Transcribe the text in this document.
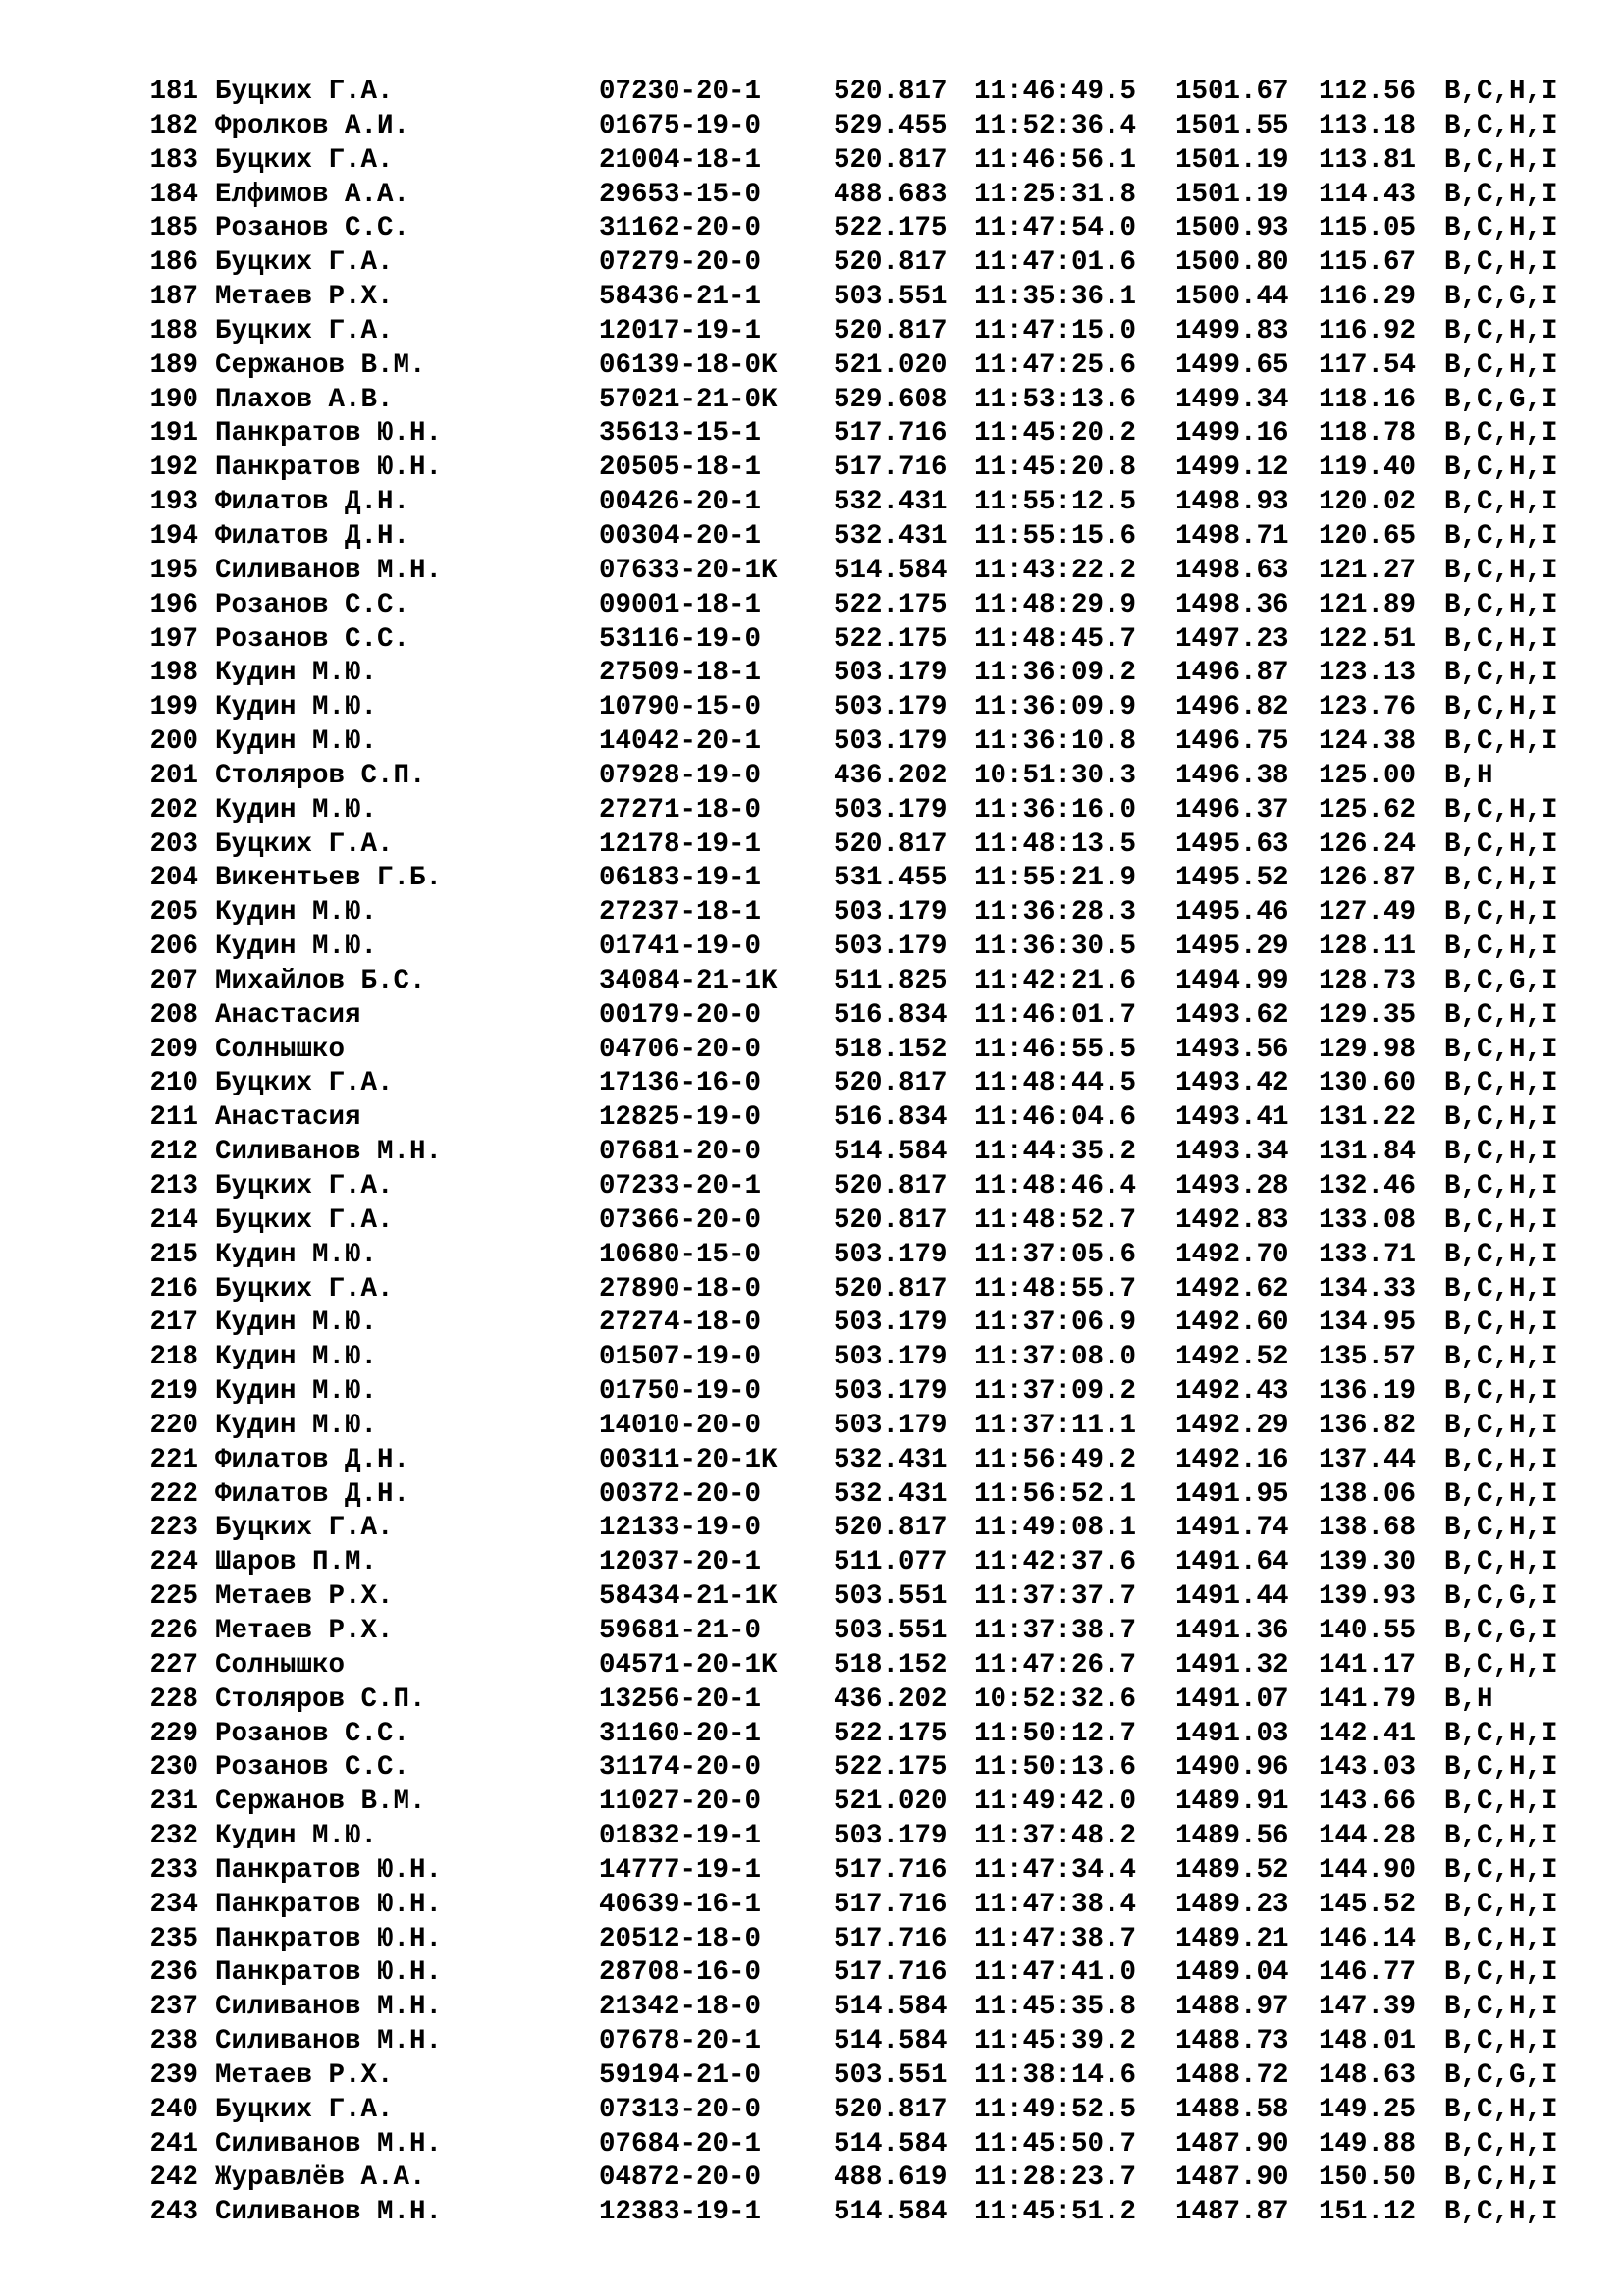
181 Буцких Г.А.	07230-20-1	520.817 11:46:49.5 1501.67 112.56 B,C,H,I
182 Фролков А.И.	01675-19-0	529.455 11:52:36.4 1501.55 113.18 B,C,H,I
183 Буцких Г.А.	21004-18-1	520.817 11:46:56.1 1501.19 113.81 B,C,H,I
184 Елфимов А.А.	29653-15-0	488.683 11:25:31.8 1501.19 114.43 B,C,H,I
185 Розанов С.С.	31162-20-0	522.175 11:47:54.0 1500.93 115.05 B,C,H,I
186 Буцких Г.А.	07279-20-0	520.817 11:47:01.6 1500.80 115.67 B,C,H,I
187 Метаев Р.Х.	58436-21-1	503.551 11:35:36.1 1500.44 116.29 B,C,G,I
188 Буцких Г.А.	12017-19-1	520.817 11:47:15.0 1499.83 116.92 B,C,H,I
189 Сержанов В.М.	06139-18-0K 521.020 11:47:25.6 1499.65 117.54 B,C,H,I
190 Плахов А.В.	57021-21-0K 529.608 11:53:13.6 1499.34 118.16 B,C,G,I
191 Панкратов Ю.Н.	35613-15-1	517.716 11:45:20.2 1499.16 118.78 B,C,H,I
192 Панкратов Ю.Н.	20505-18-1	517.716 11:45:20.8 1499.12 119.40 B,C,H,I
193 Филатов Д.Н.	00426-20-1	532.431 11:55:12.5 1498.93 120.02 B,C,H,I
194 Филатов Д.Н.	00304-20-1	532.431 11:55:15.6 1498.71 120.65 B,C,H,I
195 Силиванов М.Н.	07633-20-1K 514.584 11:43:22.2 1498.63 121.27 B,C,H,I
196 Розанов С.С.	09001-18-1	522.175 11:48:29.9 1498.36 121.89 B,C,H,I
197 Розанов С.С.	53116-19-0	522.175 11:48:45.7 1497.23 122.51 B,C,H,I
198 Кудин М.Ю.	27509-18-1	503.179 11:36:09.2 1496.87 123.13 B,C,H,I
199 Кудин М.Ю.	10790-15-0	503.179 11:36:09.9 1496.82 123.76 B,C,H,I
200 Кудин М.Ю.	14042-20-1	503.179 11:36:10.8 1496.75 124.38 B,C,H,I
201 Столяров С.П.	07928-19-0	436.202 10:51:30.3 1496.38 125.00 B,H
202 Кудин М.Ю.	27271-18-0	503.179 11:36:16.0 1496.37 125.62 B,C,H,I
203 Буцких Г.А.	12178-19-1	520.817 11:48:13.5 1495.63 126.24 B,C,H,I
204 Викентьев Г.Б.	06183-19-1	531.455 11:55:21.9 1495.52 126.87 B,C,H,I
205 Кудин М.Ю.	27237-18-1	503.179 11:36:28.3 1495.46 127.49 B,C,H,I
206 Кудин М.Ю.	01741-19-0	503.179 11:36:30.5 1495.29 128.11 B,C,H,I
207 Михайлов Б.С.	34084-21-1K 511.825 11:42:21.6 1494.99 128.73 B,C,G,I
208 Анастасия	00179-20-0	516.834 11:46:01.7 1493.62 129.35 B,C,H,I
209 Солнышко	04706-20-0	518.152 11:46:55.5 1493.56 129.98 B,C,H,I
210 Буцких Г.А.	17136-16-0	520.817 11:48:44.5 1493.42 130.60 B,C,H,I
211 Анастасия	12825-19-0	516.834 11:46:04.6 1493.41 131.22 B,C,H,I
212 Силиванов М.Н.	07681-20-0	514.584 11:44:35.2 1493.34 131.84 B,C,H,I
213 Буцких Г.А.	07233-20-1	520.817 11:48:46.4 1493.28 132.46 B,C,H,I
214 Буцких Г.А.	07366-20-0	520.817 11:48:52.7 1492.83 133.08 B,C,H,I
215 Кудин М.Ю.	10680-15-0	503.179 11:37:05.6 1492.70 133.71 B,C,H,I
216 Буцких Г.А.	27890-18-0	520.817 11:48:55.7 1492.62 134.33 B,C,H,I
217 Кудин М.Ю.	27274-18-0	503.179 11:37:06.9 1492.60 134.95 B,C,H,I
218 Кудин М.Ю.	01507-19-0	503.179 11:37:08.0 1492.52 135.57 B,C,H,I
219 Кудин М.Ю.	01750-19-0	503.179 11:37:09.2 1492.43 136.19 B,C,H,I
220 Кудин М.Ю.	14010-20-0	503.179 11:37:11.1 1492.29 136.82 B,C,H,I
221 Филатов Д.Н.	00311-20-1K 532.431 11:56:49.2 1492.16 137.44 B,C,H,I
222 Филатов Д.Н.	00372-20-0	532.431 11:56:52.1 1491.95 138.06 B,C,H,I
223 Буцких Г.А.	12133-19-0	520.817 11:49:08.1 1491.74 138.68 B,C,H,I
224 Шаров П.М.	12037-20-1	511.077 11:42:37.6 1491.64 139.30 B,C,H,I
225 Метаев Р.Х.	58434-21-1K 503.551 11:37:37.7 1491.44 139.93 B,C,G,I
226 Метаев Р.Х.	59681-21-0	503.551 11:37:38.7 1491.36 140.55 B,C,G,I
227 Солнышко	04571-20-1K 518.152 11:47:26.7 1491.32 141.17 B,C,H,I
228 Столяров С.П.	13256-20-1	436.202 10:52:32.6 1491.07 141.79 B,H
229 Розанов С.С.	31160-20-1	522.175 11:50:12.7 1491.03 142.41 B,C,H,I
230 Розанов С.С.	31174-20-0	522.175 11:50:13.6 1490.96 143.03 B,C,H,I
231 Сержанов В.М.	11027-20-0	521.020 11:49:42.0 1489.91 143.66 B,C,H,I
232 Кудин М.Ю.	01832-19-1	503.179 11:37:48.2 1489.56 144.28 B,C,H,I
233 Панкратов Ю.Н.	14777-19-1	517.716 11:47:34.4 1489.52 144.90 B,C,H,I
234 Панкратов Ю.Н.	40639-16-1	517.716 11:47:38.4 1489.23 145.52 B,C,H,I
235 Панкратов Ю.Н.	20512-18-0	517.716 11:47:38.7 1489.21 146.14 B,C,H,I
236 Панкратов Ю.Н.	28708-16-0	517.716 11:47:41.0 1489.04 146.77 B,C,H,I
237 Силиванов М.Н.	21342-18-0	514.584 11:45:35.8 1488.97 147.39 B,C,H,I
238 Силиванов М.Н.	07678-20-1	514.584 11:45:39.2 1488.73 148.01 B,C,H,I
239 Метаев Р.Х.	59194-21-0	503.551 11:38:14.6 1488.72 148.63 B,C,G,I
240 Буцких Г.А.	07313-20-0	520.817 11:49:52.5 1488.58 149.25 B,C,H,I
241 Силиванов М.Н.	07684-20-1	514.584 11:45:50.7 1487.90 149.88 B,C,H,I
242 Журавлёв А.А.	04872-20-0	488.619 11:28:23.7 1487.90 150.50 B,C,H,I
243 Силиванов М.Н.	12383-19-1	514.584 11:45:51.2 1487.87 151.12 B,C,H,I
